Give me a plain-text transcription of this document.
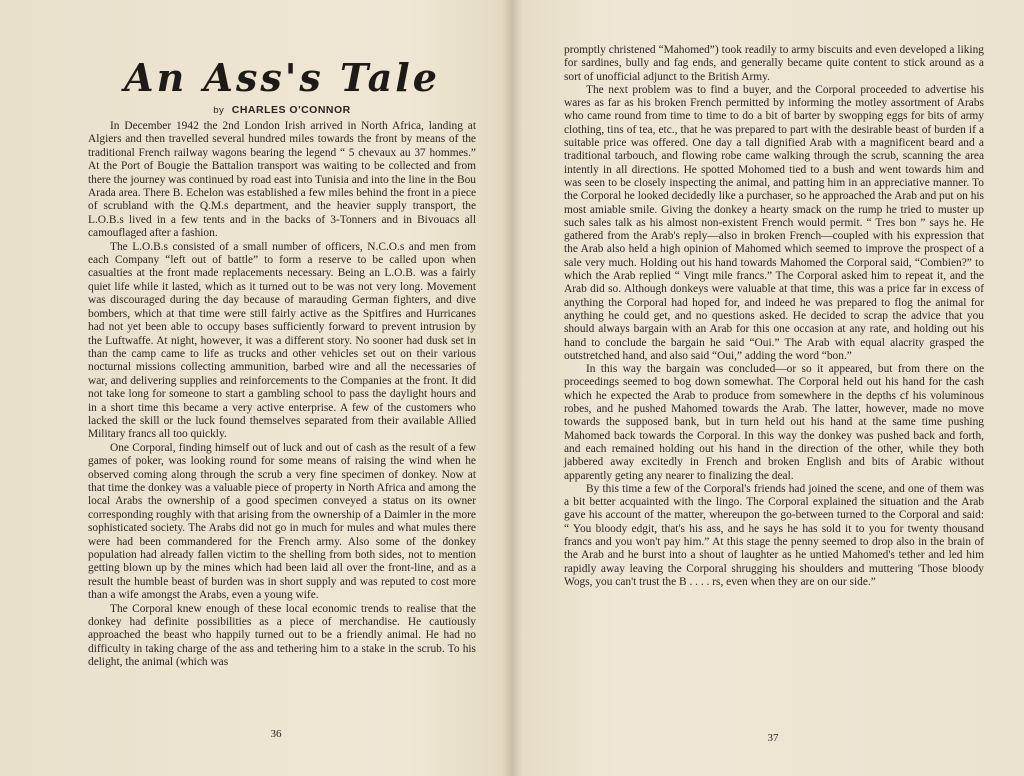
An Ass's Tale
by CHARLES O'CONNOR

In December 1942 the 2nd London Irish arrived in North Africa, landing at Algiers and then travelled several hundred miles towards the front by means of the traditional French railway wagons bearing the legend “ 5 chevaux au 37 hommes.” At the Port of Bougie the Battalion transport was waiting to be collected and from there the journey was continued by road east into Tunisia and into the line in the Bou Arada area. There B. Echelon was established a few miles behind the front in a piece of scrubland with the Q.M.s department, and the heavier supply transport, the L.O.B.s lived in a few tents and in the backs of 3-Tonners and in Bivouacs all camouflaged after a fashion.

The L.O.B.s consisted of a small number of officers, N.C.O.s and men from each Company “left out of battle” to form a reserve to be called upon when casualties at the front made replacements necessary. Being an L.O.B. was a fairly quiet life while it lasted, which as it turned out to be was not very long. Movement was discouraged during the day because of marauding German fighters, and dive bombers, which at that time were still fairly active as the Spitfires and Hurricanes had not yet been able to occupy bases sufficiently forward to prevent intrusion by the Luftwaffe. At night, however, it was a different story. No sooner had dusk set in than the camp came to life as trucks and other vehicles set out on their various nocturnal missions collecting ammunition, barbed wire and all the necessaries of war, and delivering supplies and reinforcements to the Companies at the front. It did not take long for someone to start a gambling school to pass the daylight hours and in a short time this became a very active enterprise. A few of the customers who lacked the skill or the luck found themselves separated from their available Allied Military francs all too quickly.

One Corporal, finding himself out of luck and out of cash as the result of a few games of poker, was looking round for some means of raising the wind when he observed coming along through the scrub a very fine specimen of donkey. Now at that time the donkey was a valuable piece of property in North Africa and among the local Arabs the ownership of a good specimen conveyed a status on its owner corresponding roughly with that arising from the ownership of a Daimler in the more sophisticated society. The Arabs did not go in much for mules and what mules there were had been commandered for the French army. Also some of the donkey population had already fallen victim to the shelling from both sides, not to mention getting blown up by the mines which had been laid all over the front-line, and as a result the humble beast of burden was in short supply and was reputed to cost more than a wife amongst the Arabs, even a young wife.

The Corporal knew enough of these local economic trends to realise that the donkey had definite possibilities as a piece of merchandise. He cautiously approached the beast who happily turned out to be a friendly animal. He had no difficulty in taking charge of the ass and tethering him to a stake in the scrub. To his delight, the animal (which was

36

promptly christened “Mahomed”) took readily to army biscuits and even developed a liking for sardines, bully and fag ends, and generally became quite content to stick around as a sort of unofficial adjunct to the British Army.

The next problem was to find a buyer, and the Corporal proceeded to advertise his wares as far as his broken French permitted by informing the motley assortment of Arabs who came round from time to time to do a bit of barter by swopping eggs for bits of army clothing, tins of tea, etc., that he was prepared to part with the desirable beast of burden if a suitable price was offered. One day a tall dignified Arab with a magnificent beard and a traditional tarbouch, and flowing robe came walking through the scrub, scanning the area intently in all directions. He spotted Mohomed tied to a bush and went towards him and was seen to be closely inspecting the animal, and patting him in an appreciative manner. To the Corporal he looked decidedly like a purchaser, so he approached the Arab and put on his most amiable smile. Giving the donkey a hearty smack on the rump he tried to muster up such sales talk as his almost non-existent French would permit. “ Tres bon ” says he. He gathered from the Arab's reply—also in broken French—coupled with his expression that the Arab also held a high opinion of Mahomed which seemed to improve the prospect of a sale very much. Holding out his hand towards Mahomed the Corporal said, “Combien?” to which the Arab replied “ Vingt mile francs.” The Corporal asked him to repeat it, and the Arab did so. Although donkeys were valuable at that time, this was a price far in excess of anything the Corporal had hoped for, and indeed he was prepared to flog the animal for anything he could get, and no questions asked. He decided to scrap the advice that you should always bargain with an Arab for this one occasion at any rate, and holding out his hand to conclude the bargain he said “Oui.” The Arab with equal alacrity grasped the outstretched hand, and also said “Oui,” adding the word “bon.”

In this way the bargain was concluded—or so it appeared, but from there on the proceedings seemed to bog down somewhat. The Corporal held out his hand for the cash which he expected the Arab to produce from somewhere in the depths cf his voluminous robes, and he pushed Mahomed towards the Arab. The latter, however, made no move towards the supposed bank, but in turn held out his hand at the same time pushing Mahomed back towards the Corporal. In this way the donkey was pushed back and forth, and each remained holding out his hand in the direction of the other, while they both jabbered away excitedly in French and broken English and bits of Arabic without apparently geting any nearer to finalizing the deal.

By this time a few of the Corporal's friends had joined the scene, and one of them was a bit better acquainted with the lingo. The Corporal explained the situation and the Arab gave his account of the matter, whereupon the go-between turned to the Corporal and said: “ You bloody edgit, that's his ass, and he says he has sold it to you for twenty thousand francs and you won't pay him.” At this stage the penny seemed to drop also in the brain of the Arab and he burst into a shout of laughter as he untied Mahomed's tether and led him rapidly away leaving the Corporal shrugging his shoulders and muttering 'Those bloody Wogs, you can't trust the B . . . . rs, even when they are on our side.”

37
